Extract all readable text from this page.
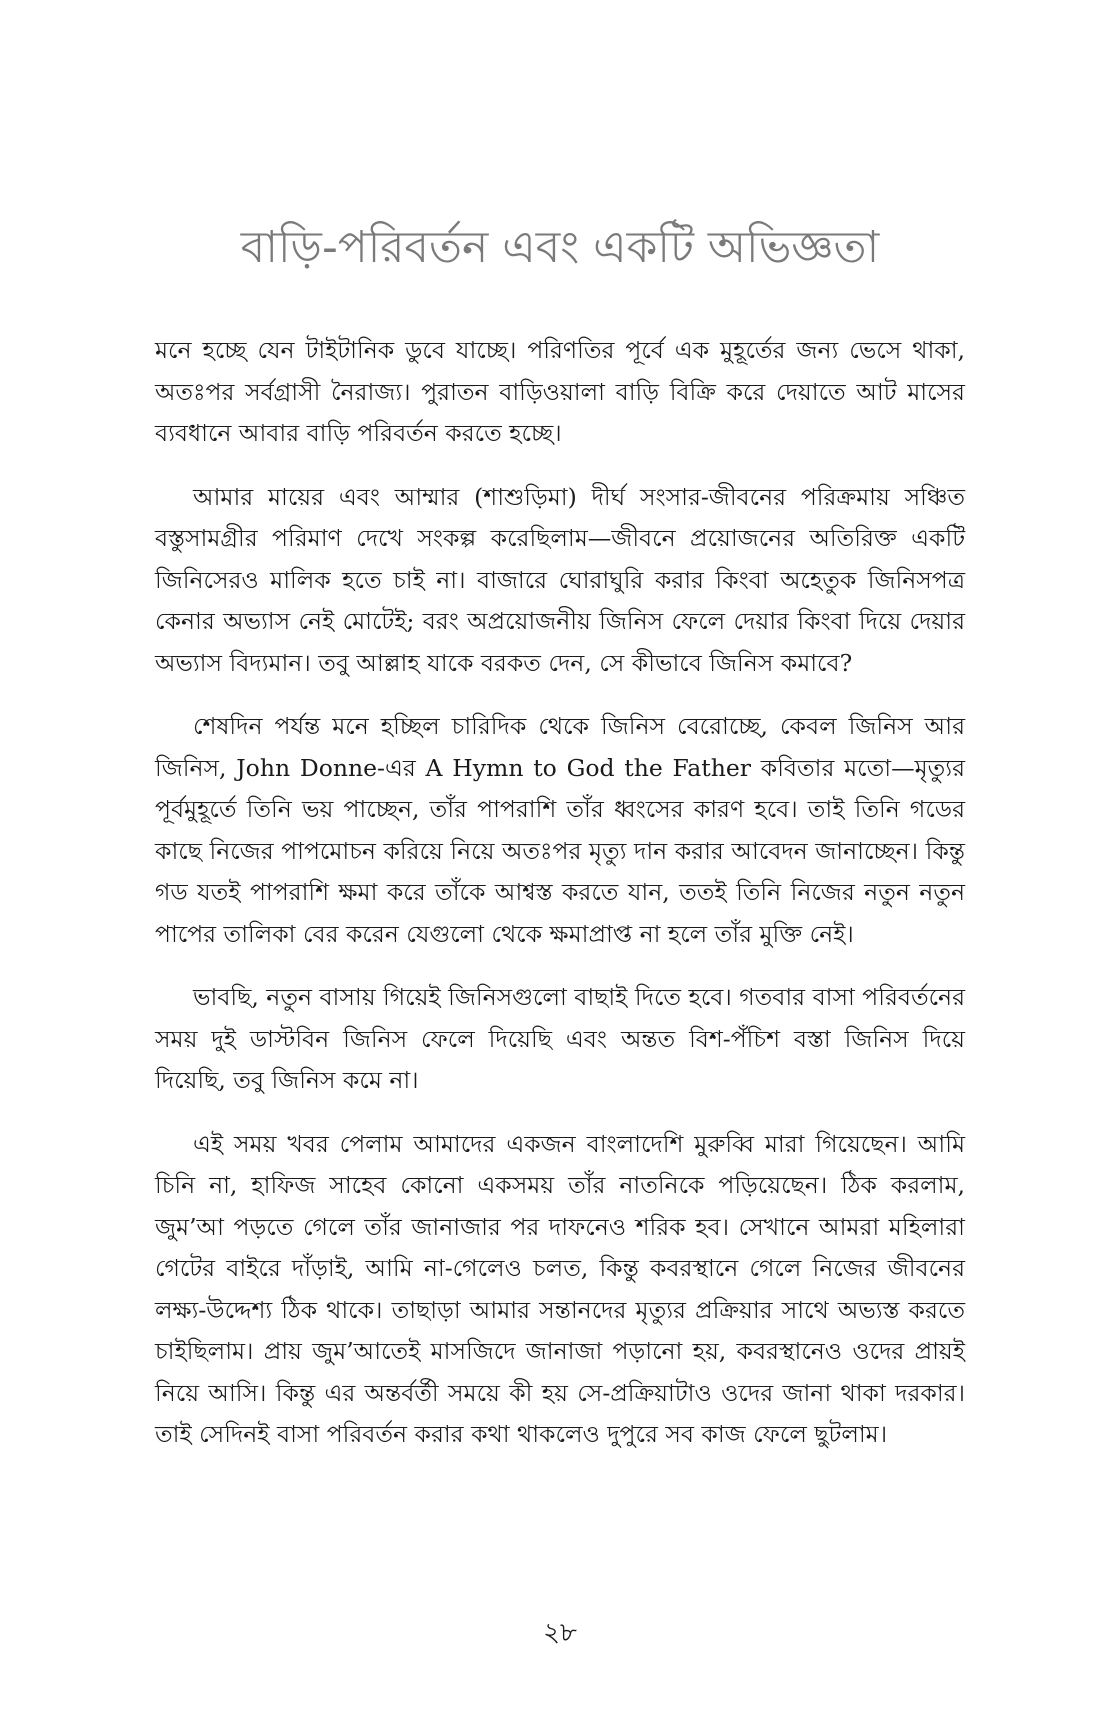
বাড়ি-পরিবর্তন এবং একটি অভিজ্ঞতা

মনে হচ্ছে যেন টাইটানিক ডুবে যাচ্ছে। পরিণতির পূর্বে এক মুহূর্তের জন্য ভেসে থাকা, অতঃপর সর্বগ্রাসী নৈরাজ্য। পুরাতন বাড়িওয়ালা বাড়ি বিক্রি করে দেয়াতে আট মাসের ব্যবধানে আবার বাড়ি পরিবর্তন করতে হচ্ছে।

আমার মায়ের এবং আম্মার (শাশুড়িমা) দীর্ঘ সংসার-জীবনের পরিক্রমায় সঞ্চিত বস্তুসামগ্রীর পরিমাণ দেখে সংকল্প করেছিলাম—জীবনে প্রয়োজনের অতিরিক্ত একটি জিনিসেরও মালিক হতে চাই না। বাজারে ঘোরাঘুরি করার কিংবা অহেতুক জিনিসপত্র কেনার অভ্যাস নেই মোটেই; বরং অপ্রয়োজনীয় জিনিস ফেলে দেয়ার কিংবা দিয়ে দেয়ার অভ্যাস বিদ্যমান। তবু আল্লাহ যাকে বরকত দেন, সে কীভাবে জিনিস কমাবে?

শেষদিন পর্যন্ত মনে হচ্ছিল চারিদিক থেকে জিনিস বেরোচ্ছে, কেবল জিনিস আর জিনিস, John Donne-এর A Hymn to God the Father কবিতার মতো—মৃত্যুর পূর্বমুহূর্তে তিনি ভয় পাচ্ছেন, তাঁর পাপরাশি তাঁর ধ্বংসের কারণ হবে। তাই তিনি গডের কাছে নিজের পাপমোচন করিয়ে নিয়ে অতঃপর মৃত্যু দান করার আবেদন জানাচ্ছেন। কিন্তু গড যতই পাপরাশি ক্ষমা করে তাঁকে আশ্বস্ত করতে যান, ততই তিনি নিজের নতুন নতুন পাপের তালিকা বের করেন যেগুলো থেকে ক্ষমাপ্রাপ্ত না হলে তাঁর মুক্তি নেই।

ভাবছি, নতুন বাসায় গিয়েই জিনিসগুলো বাছাই দিতে হবে। গতবার বাসা পরিবর্তনের সময় দুই ডাস্টবিন জিনিস ফেলে দিয়েছি এবং অন্তত বিশ-পঁচিশ বস্তা জিনিস দিয়ে দিয়েছি, তবু জিনিস কমে না।

এই সময় খবর পেলাম আমাদের একজন বাংলাদেশি মুরুব্বি মারা গিয়েছেন। আমি চিনি না, হাফিজ সাহেব কোনো একসময় তাঁর নাতনিকে পড়িয়েছেন। ঠিক করলাম, জুম’আ পড়তে গেলে তাঁর জানাজার পর দাফনেও শরিক হব। সেখানে আমরা মহিলারা গেটের বাইরে দাঁড়াই, আমি না-গেলেও চলত, কিন্তু কবরস্থানে গেলে নিজের জীবনের লক্ষ্য-উদ্দেশ্য ঠিক থাকে। তাছাড়া আমার সন্তানদের মৃত্যুর প্রক্রিয়ার সাথে অভ্যস্ত করতে চাইছিলাম। প্রায় জুম’আতেই মাসজিদে জানাজা পড়ানো হয়, কবরস্থানেও ওদের প্রায়ই নিয়ে আসি। কিন্তু এর অন্তর্বর্তী সময়ে কী হয় সে-প্রক্রিয়াটাও ওদের জানা থাকা দরকার। তাই সেদিনই বাসা পরিবর্তন করার কথা থাকলেও দুপুরে সব কাজ ফেলে ছুটলাম।

২৮
